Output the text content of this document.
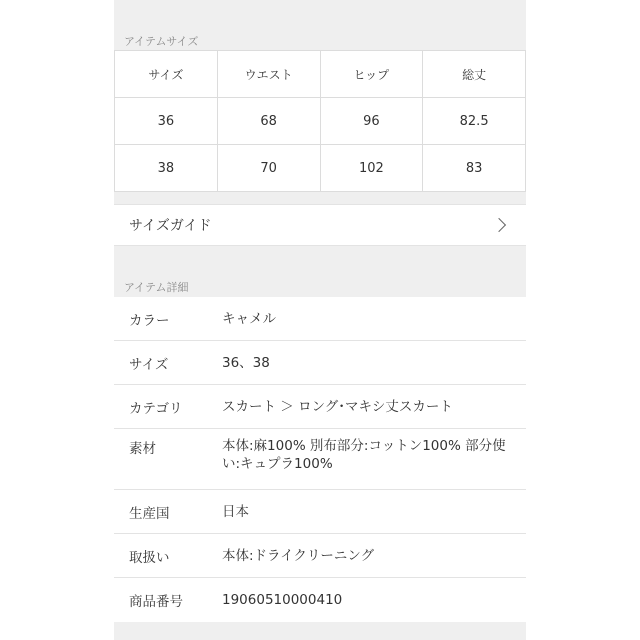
アイテムサイズ
サイズ	ウエスト	ヒップ	総丈
36	68	96	82.5
38	70	102	83
サイズガイド
アイテム詳細
カラー	キャメル
サイズ	36、38
カテゴリ	スカート ＞ ロング･マキシ丈スカート
素材	本体:麻100% 別布部分:コットン100% 部分使い:キュプラ100%
生産国	日本
取扱い	本体:ドライクリーニング
商品番号	19060510000410
